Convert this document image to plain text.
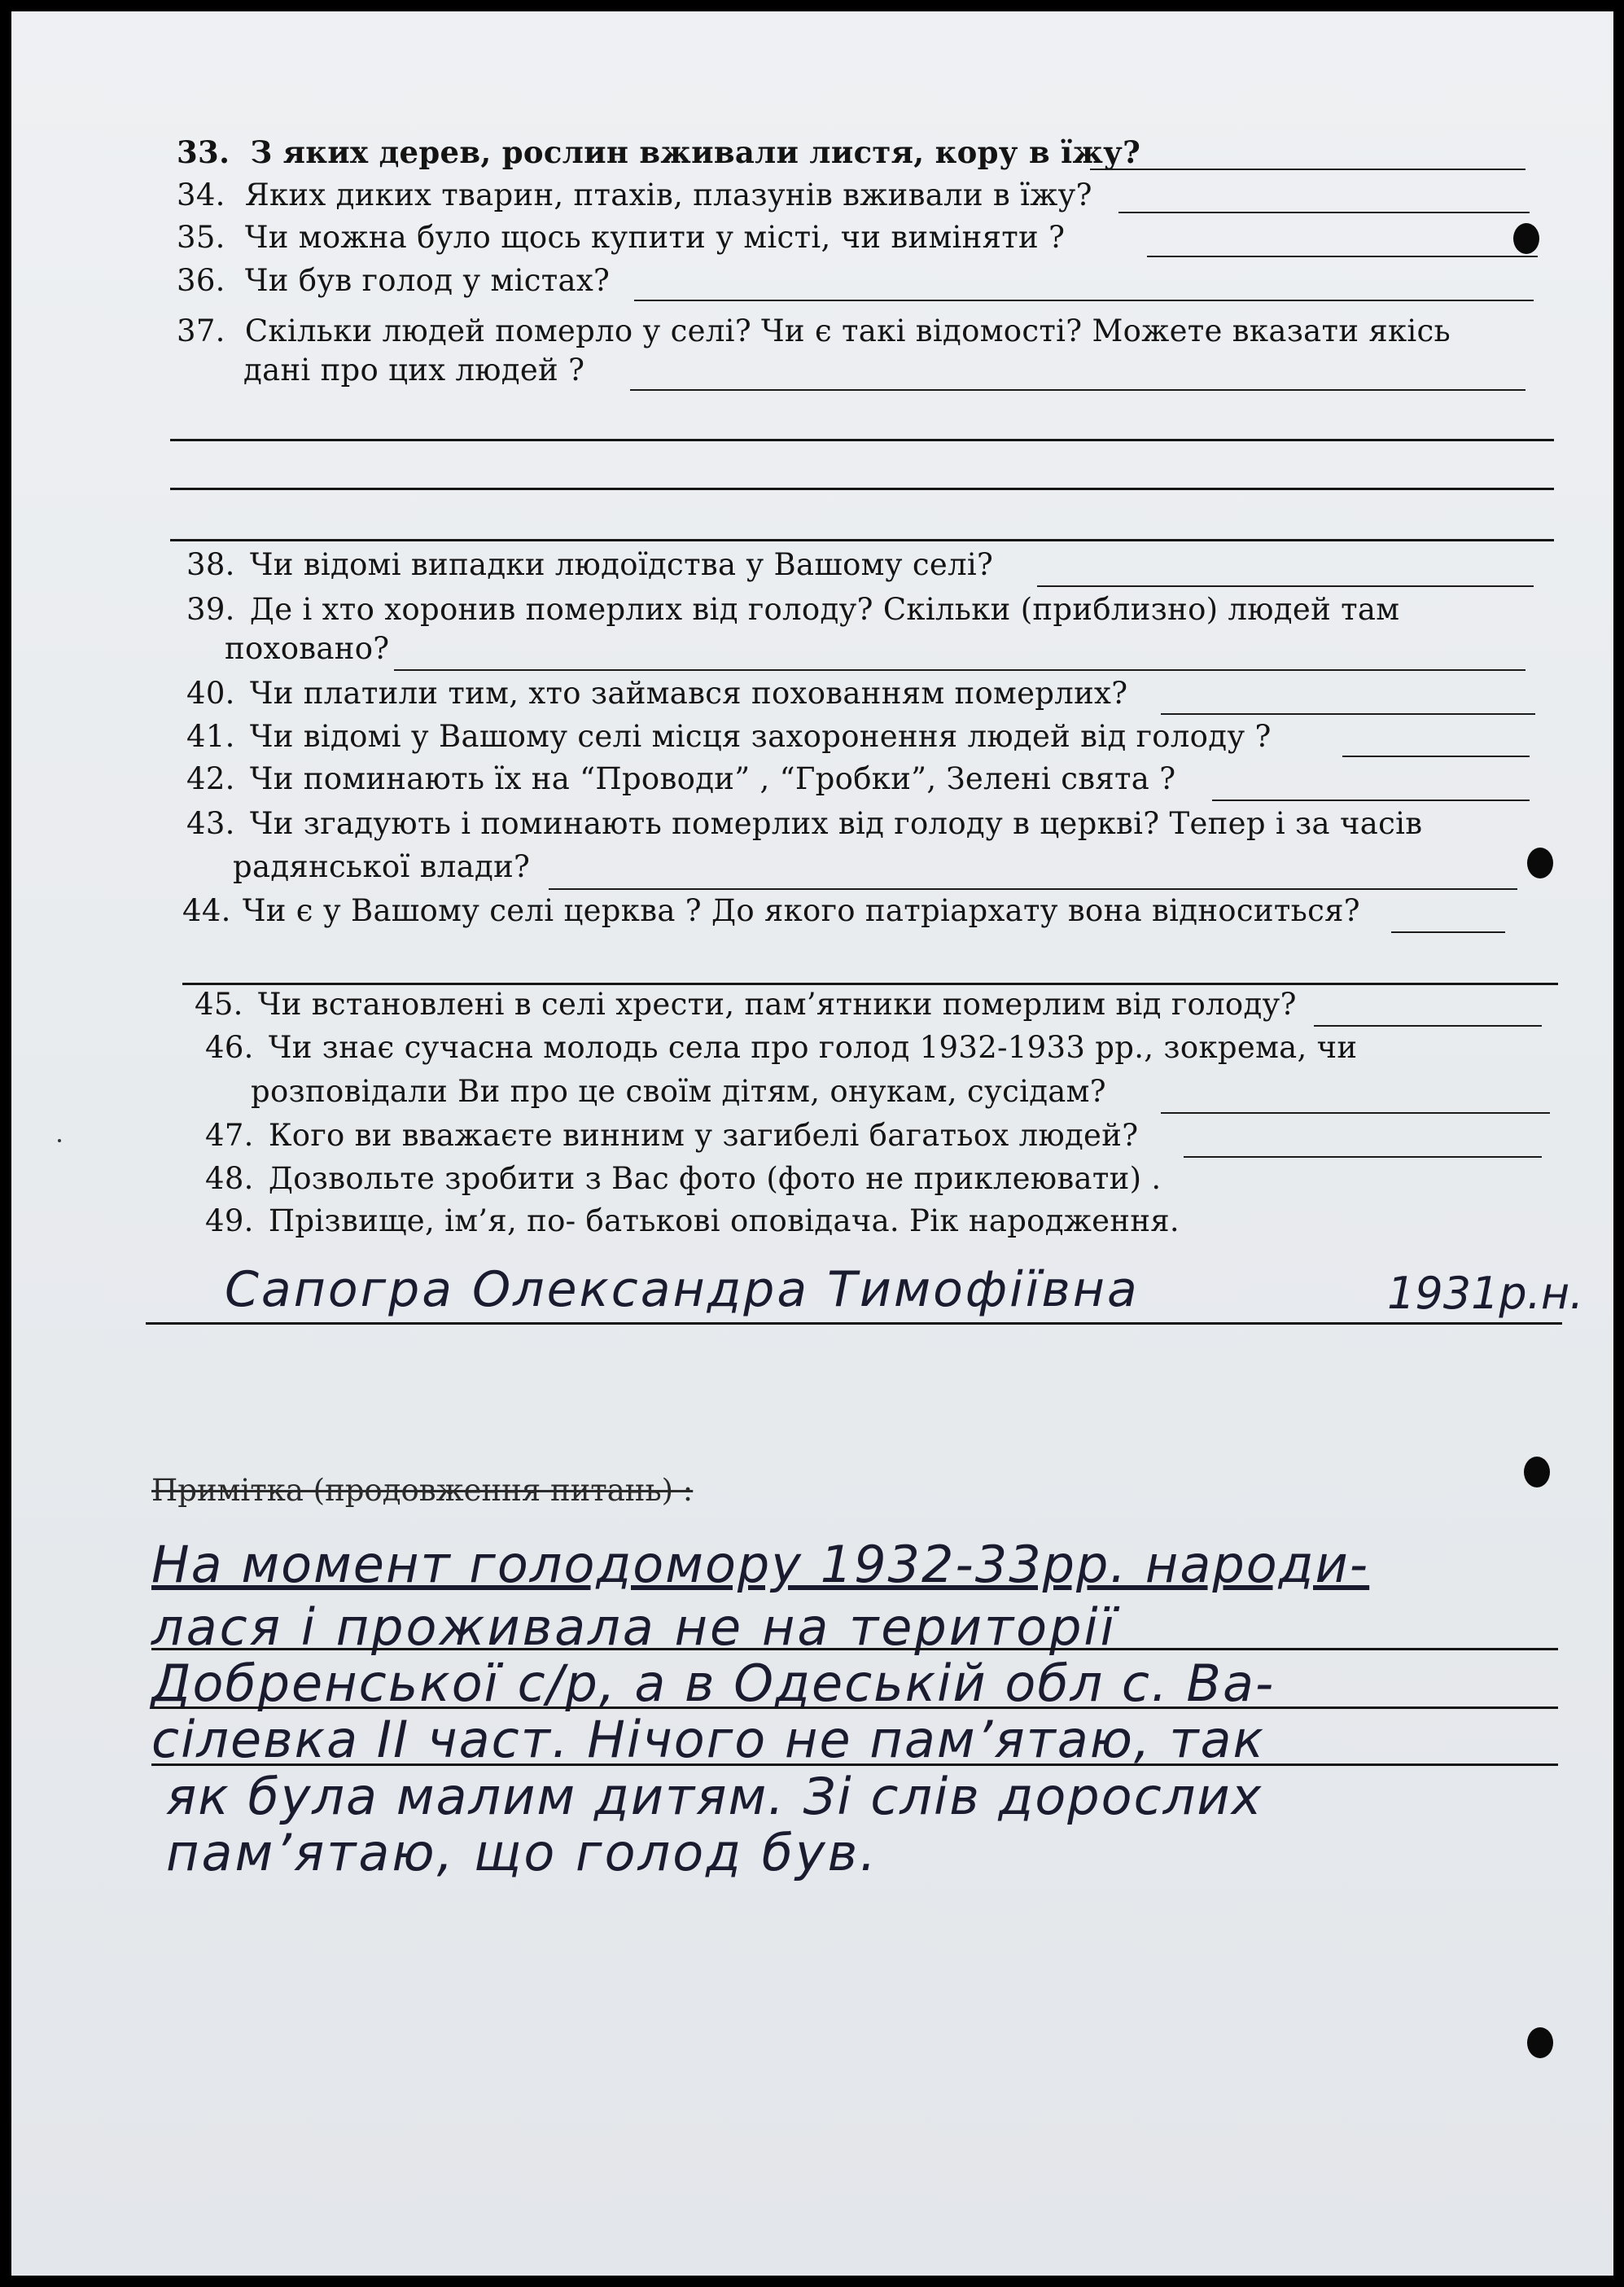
33. З яких дерев, рослин вживали листя, кору в їжу?
34. Яких диких тварин, птахів, плазунів вживали в їжу?
35. Чи можна було щось купити у місті, чи виміняти ?
36. Чи був голод у містах?
37. Скільки людей померло у селі? Чи є такі відомості? Можете вказати якісь
дані про цих людей ?
38. Чи відомі випадки людоїдства у Вашому селі?
39. Де і хто хоронив померлих від голоду? Скільки (приблизно) людей там
поховано?
40. Чи платили тим, хто займався похованням померлих?
41. Чи відомі у Вашому селі місця захоронення людей від голоду ?
42. Чи поминають їх на “Проводи” , “Гробки”, Зелені свята ?
43. Чи згадують і поминають померлих від голоду в церкві? Тепер і за часів
радянської влади?
44. Чи є у Вашому селі церква ? До якого патріархату вона відноситься?
45. Чи встановлені в селі хрести, пам’ятники померлим від голоду?
46. Чи знає сучасна молодь села про голод 1932-1933 рр., зокрема, чи
розповідали Ви про це своїм дітям, онукам, сусідам?
47. Кого ви вважаєте винним у загибелі багатьох людей?
48. Дозвольте зробити з Вас фото (фото не приклеювати) .
49. Прізвище, ім’я, по- батькові оповідача. Рік народження.
Сапогра Олександра Тимофіївна	1931р.н.
Примітка (продовження питань) :
На момент голодомору 1932-33рр. народи-
лася і проживала не на території
Добренської с/р, а в Одеській обл с. Ва-
сілевка ІІ част. Нічого не пам’ятаю, так
як була малим дитям. Зі слів дорослих
пам’ятаю, що голод був.
